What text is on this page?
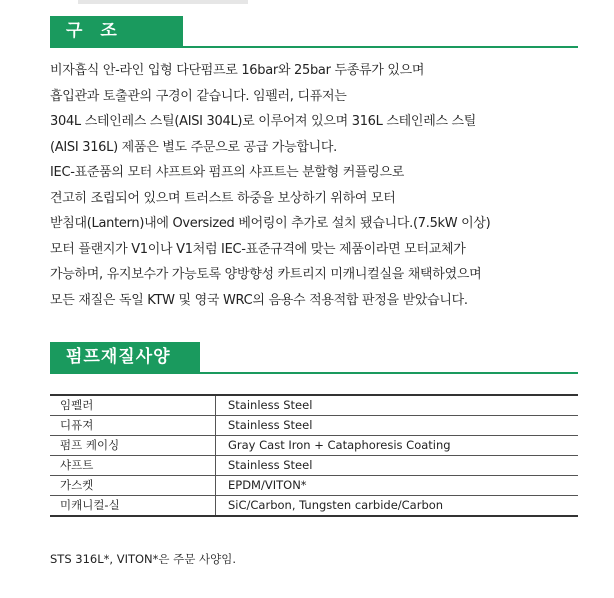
구 조
비자흡식 안-라인 입형 다단펌프로 16bar와 25bar 두종류가 있으며
흡입관과 토출관의 구경이 같습니다. 임펠러, 디퓨저는
304L 스테인레스 스틸(AISI 304L)로 이루어져 있으며 316L 스테인레스 스틸
(AISI 316L) 제품은 별도 주문으로 공급 가능합니다.
IEC-표준품의 모터 샤프트와 펌프의 샤프트는 분할형 커플링으로
견고히 조립되어 있으며 트러스트 하중을 보상하기 위하여 모터
받침대(Lantern)내에 Oversized 베어링이 추가로 설치 됐습니다.(7.5kW 이상)
모터 플랜지가 V1이나 V1처럼 IEC-표준규격에 맞는 제품이라면 모터교체가
가능하며, 유지보수가 가능토록 양방향성 카트리지 미캐니컬실을 채택하였으며
모든 재질은 독일 KTW 및 영국 WRC의 음용수 적용적합 판정을 받았습니다.
펌프재질사양
임펠러	Stainless Steel
디퓨져	Stainless Steel
펌프 케이싱	Gray Cast Iron + Cataphoresis Coating
샤프트	Stainless Steel
가스켓	EPDM/VITON*
미캐니컬-실	SiC/Carbon, Tungsten carbide/Carbon
STS 316L*, VITON*은 주문 사양임.
